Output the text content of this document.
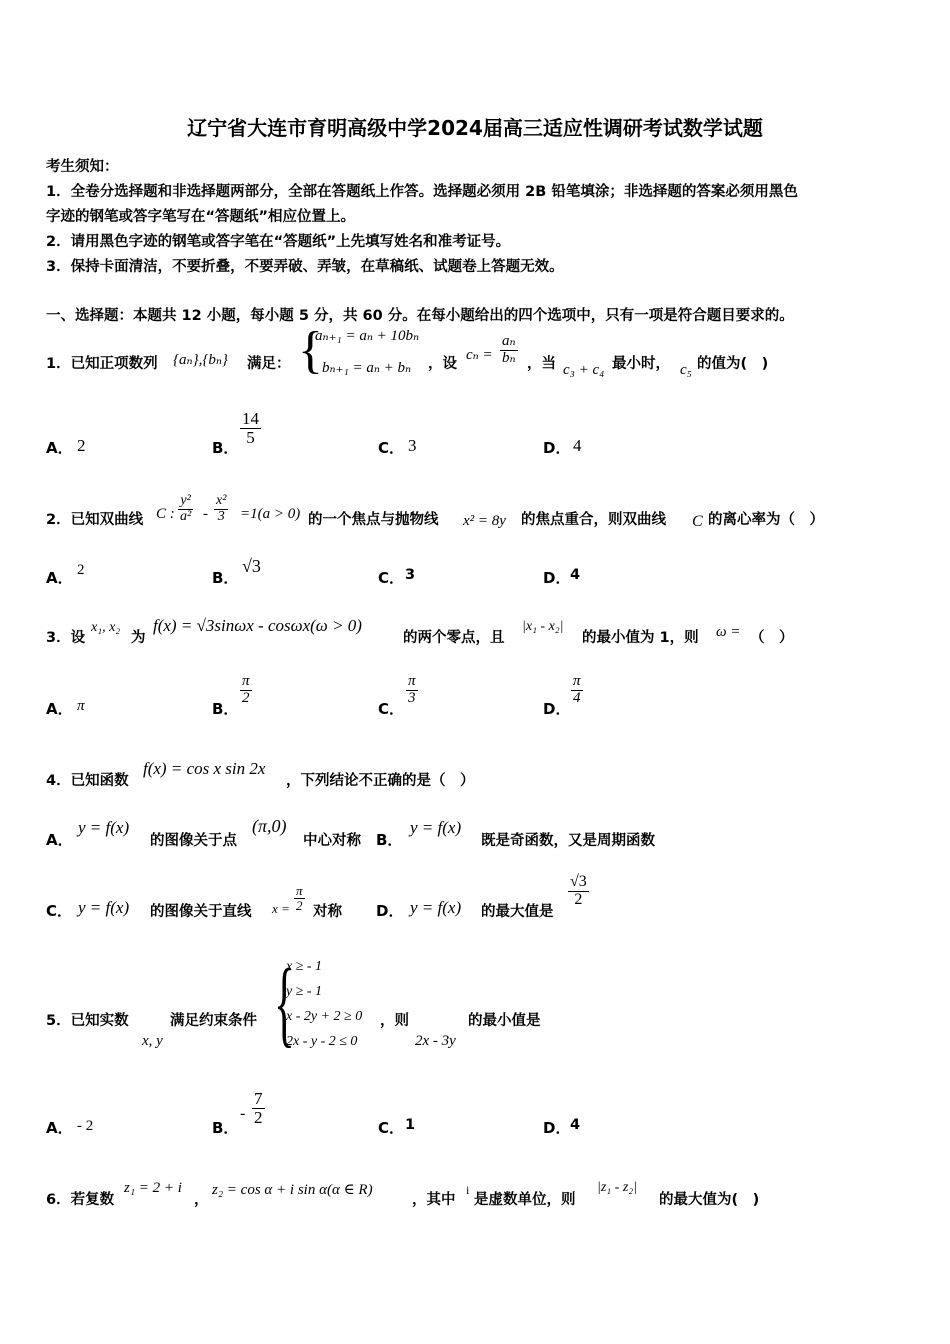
辽宁省大连市育明高级中学2024届高三适应性调研考试数学试题
考生须知：
1．全卷分选择题和非选择题两部分，全部在答题纸上作答。选择题必须用 2B 铅笔填涂；非选择题的答案必须用黑色
字迹的钢笔或答字笔写在“答题纸”相应位置上。
2．请用黑色字迹的钢笔或答字笔在“答题纸”上先填写姓名和准考证号。
3．保持卡面清洁，不要折叠，不要弄破、弄皱，在草稿纸、试题卷上答题无效。
一、选择题：本题共 12 小题，每小题 5 分，共 60 分。在每小题给出的四个选项中，只有一项是符合题目要求的。
1．已知正项数列 {aₙ},{bₙ} 满足： {
aₙ₊₁ = aₙ + 10bₙ
bₙ₊₁ = aₙ + bₙ ，设
$c_n = \frac{\text{aₙ}}{\text{bₙ}}$ ，当 c₃ + c₄ 最小时， c₅ 的值为(　)
A． 2	B．
$\frac{14}{5}$
C． 3	D． 4
2．已知双曲线 C : $\frac{\text{y²}}{\text{a²}} - \frac{\text{x²}}{3} =1(a > 0)$ 的一个焦点与抛物线 x² = 8y 的焦点重合，则双曲线 C 的离心率为（　）
A． 2	B．
√3
C． 3	D． 4
3．设
x₁, x₂
为
f(x) = √3sinωx - cosωx(ω > 0)
的两个零点，且
|x₁ - x₂|
的最小值为 1，则 ω = （　）
A． π	B．
$\frac{\pi}{2}$
C．
$\frac{\pi}{3}$
D．
$\frac{\pi}{4}$
4．已知函数
f(x) = cos x sin 2x
，下列结论不正确的是（　）
A．
y = f(x)
的图像关于点
(π,0)
中心对称 B．
y = f(x)
既是奇函数，又是周期函数
C． y = f(x) 的图像关于直线 $x = \frac{\pi}{2}$ 对称 D． y = f(x) 的最大值是
$\frac{√3}{2}$
5．已知实数
x, y
满足约束条件 {
x ≥ - 1
y ≥ - 1
x - 2y + 2 ≥ 0
2x - y - 2 ≤ 0
，则
2x - 3y
的最小值是
A． - 2	B．
- $\frac{7}{2}$
C． 1	D． 4
6．若复数
z₁ = 2 + i
，
z₂ = cos α + i sin α(α ∈ R)
，其中
i
是虚数单位，则
|z₁ - z₂|
的最大值为(　)
